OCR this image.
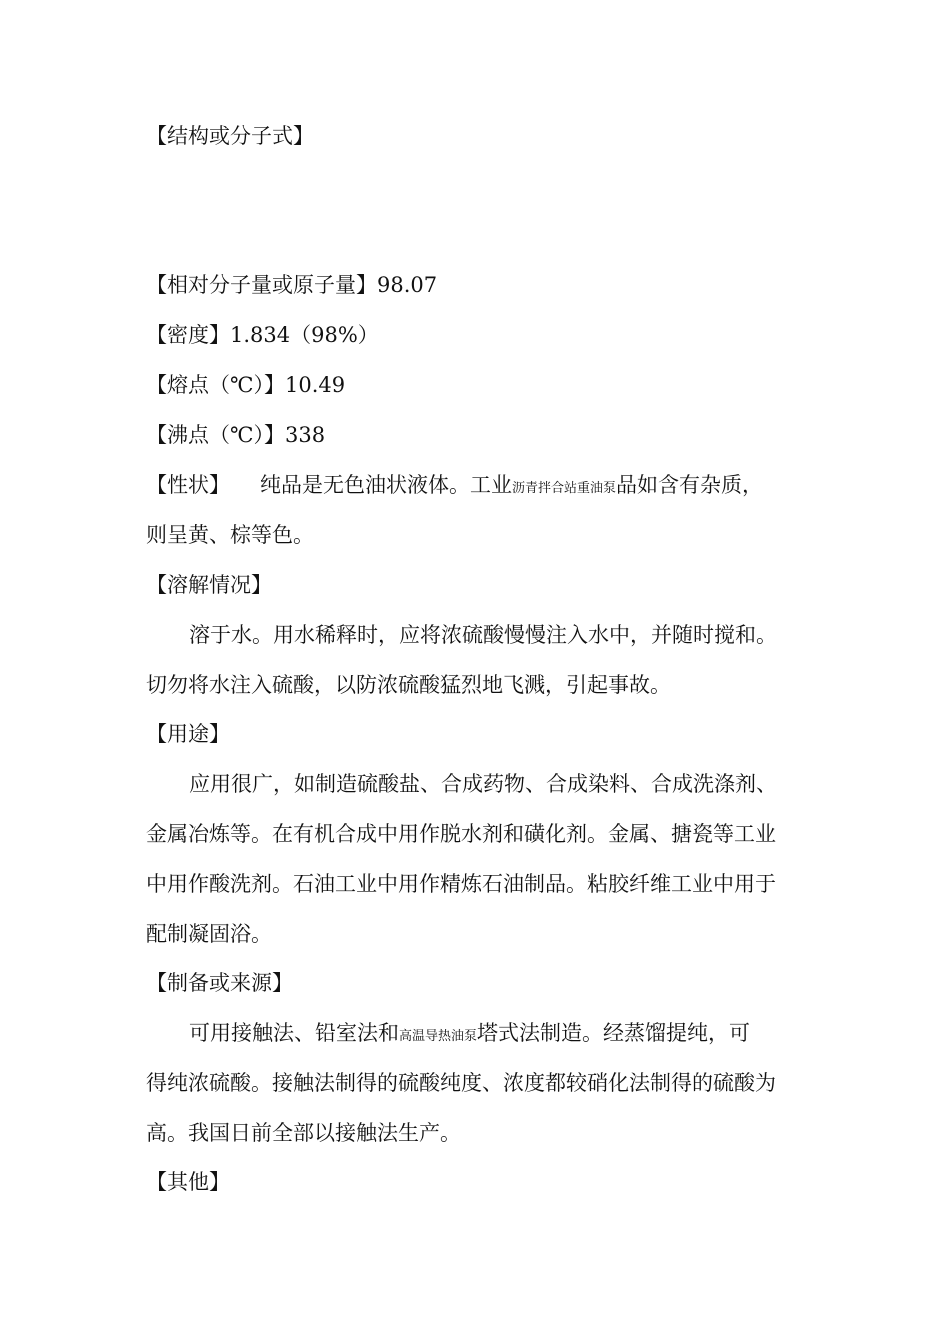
【结构或分子式】
【相对分子量或原子量】98.07
【密度】1.834（98%）
【熔点（℃）】10.49
【沸点（℃）】338
【性状】 纯品是无色油状液体。工业沥青拌合站重油泵品如含有杂质，
则呈黄、棕等色。
【溶解情况】
溶于水。用水稀释时，应将浓硫酸慢慢注入水中，并随时搅和。
切勿将水注入硫酸，以防浓硫酸猛烈地飞溅，引起事故。
【用途】
应用很广，如制造硫酸盐、合成药物、合成染料、合成洗涤剂、
金属冶炼等。在有机合成中用作脱水剂和磺化剂。金属、搪瓷等工业
中用作酸洗剂。石油工业中用作精炼石油制品。粘胶纤维工业中用于
配制凝固浴。
【制备或来源】
可用接触法、铅室法和高温导热油泵塔式法制造。经蒸馏提纯，可
得纯浓硫酸。接触法制得的硫酸纯度、浓度都较硝化法制得的硫酸为
高。我国日前全部以接触法生产。
【其他】
